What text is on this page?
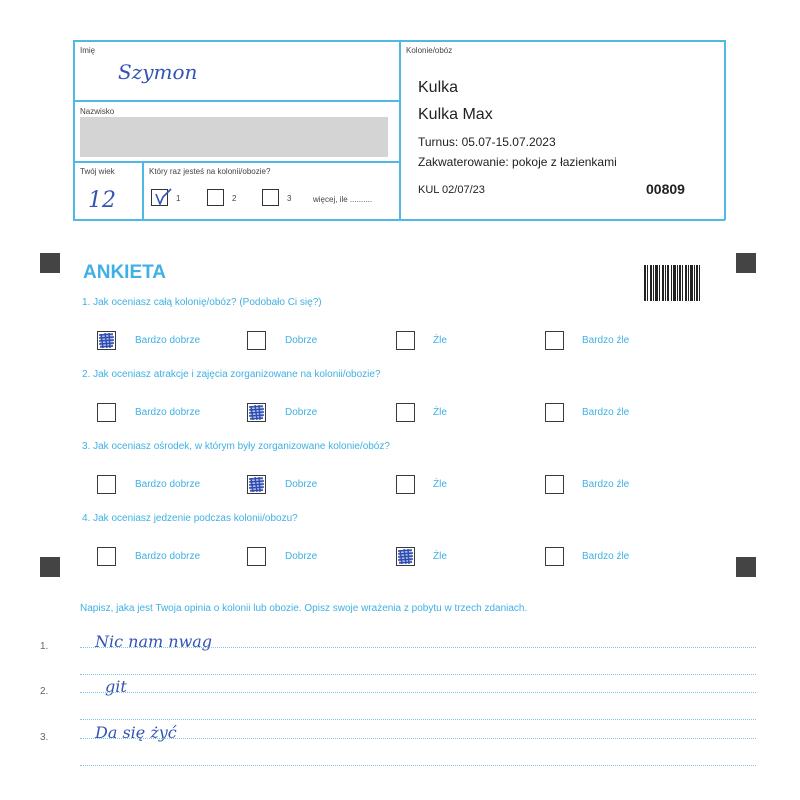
Imię
Szymon
Nazwisko
Twój wiek
12
Który raz jesteś na kolonii/obozie?
1	2	3	więcej, ile ..........
Kolonie/obóz
Kulka
Kulka Max
Turnus: 05.07-15.07.2023
Zakwaterowanie: pokoje z łazienkami
KUL 02/07/23	00809
ANKIETA
1. Jak oceniasz całą kolonię/obóz? (Podobało Ci się?)
Bardzo dobrze	Dobrze	Źle	Bardzo źle
2. Jak oceniasz atrakcje i zajęcia zorganizowane na kolonii/obozie?
Bardzo dobrze	Dobrze	Źle	Bardzo źle
3. Jak oceniasz ośrodek, w którym były zorganizowane kolonie/obóz?
Bardzo dobrze	Dobrze	Źle	Bardzo źle
4. Jak oceniasz jedzenie podczas kolonii/obozu?
Bardzo dobrze	Dobrze	Źle	Bardzo źle
Napisz, jaka jest Twoja opinia o kolonii lub obozie. Opisz swoje wrażenia z pobytu w trzech zdaniach.
1.	Nic nam nwag
2.	git
3.	Da się żyć
